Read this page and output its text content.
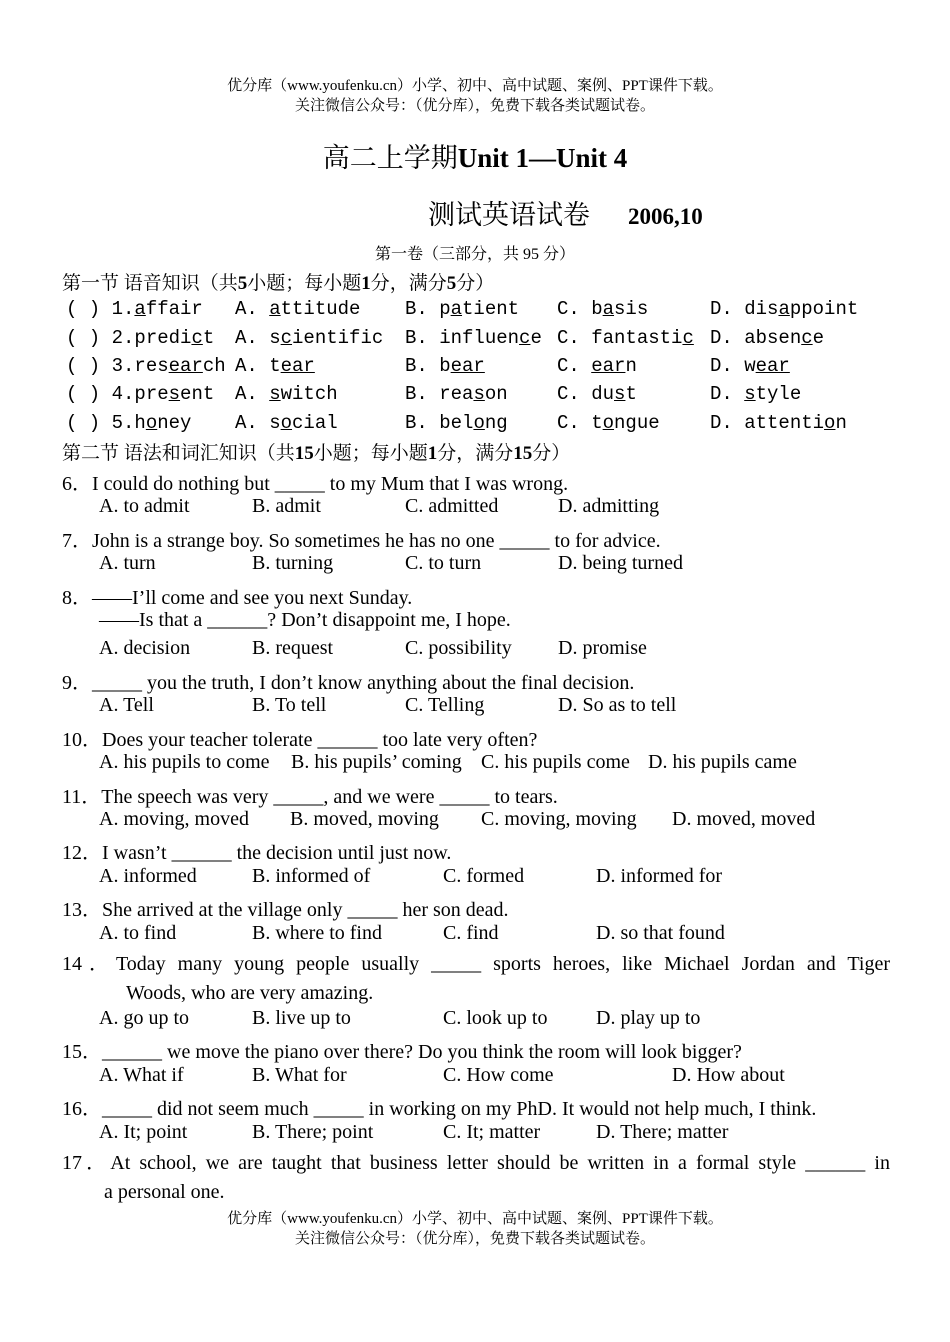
优分库（www.youfenku.cn）小学、初中、高中试题、案例、PPT课件下载。
关注微信公众号：（优分库），免费下载各类试题试卷。
高二上学期Unit 1—Unit 4
测试英语试卷 2006,10
第一卷（三部分，共 95 分）
第一节 语音知识（共5小题；每小题1分，满分5分）
( ) 1.affair A. attitude B. patient C. basis	D. disappoint
( ) 2.predict A. scientific B. influence C. fantastic D. absence
( ) 3.research A. tear	B. bear	C. earn	D. wear
( ) 4.present A. switch	B. reason	C. dust	D. style
( ) 5.honey A. social	B. belong	C. tongue	D. attention
第二节 语法和词汇知识（共15小题；每小题1分，满分15分）
6．I could do nothing but _____ to my Mum that I was wrong.
A. to admit	B. admit	C. admitted	D. admitting
7．John is a strange boy. So sometimes he has no one _____ to for advice.
A. turn	B. turning	C. to turn	D. being turned
8．——I’ll come and see you next Sunday.
——Is that a ______? Don’t disappoint me, I hope.
A. decision	B. request	C. possibility D. promise
9．_____ you the truth, I don’t know anything about the final decision.
A. Tell	B. To tell	C. Telling	D. So as to tell
10．Does your teacher tolerate ______ too late very often?
A. his pupils to come B. his pupils’ coming C. his pupils come D. his pupils came
11．The speech was very _____, and we were _____ to tears.
A. moving, moved B. moved, moving C. moving, moving D. moved, moved
12．I wasn’t ______ the decision until just now.
A. informed	B. informed of	C. formed	D. informed for
13．She arrived at the village only _____ her son dead.
A. to find	B. where to find	C. find	D. so that found
14．Today many young people usually _____ sports heroes, like Michael Jordan and Tiger
Woods, who are very amazing.
A. go up to	B. live up to	C. look up to D. play up to
15．______ we move the piano over there? Do you think the room will look bigger?
A. What if	B. What for	C. How come	D. How about
16．_____ did not seem much _____ in working on my PhD. It would not help much, I think.
A. It; point	B. There; point	C. It; matter	D. There; matter
17．At school, we are taught that business letter should be written in a formal style ______ in
a personal one.
优分库（www.youfenku.cn）小学、初中、高中试题、案例、PPT课件下载。
关注微信公众号：（优分库），免费下载各类试题试卷。
